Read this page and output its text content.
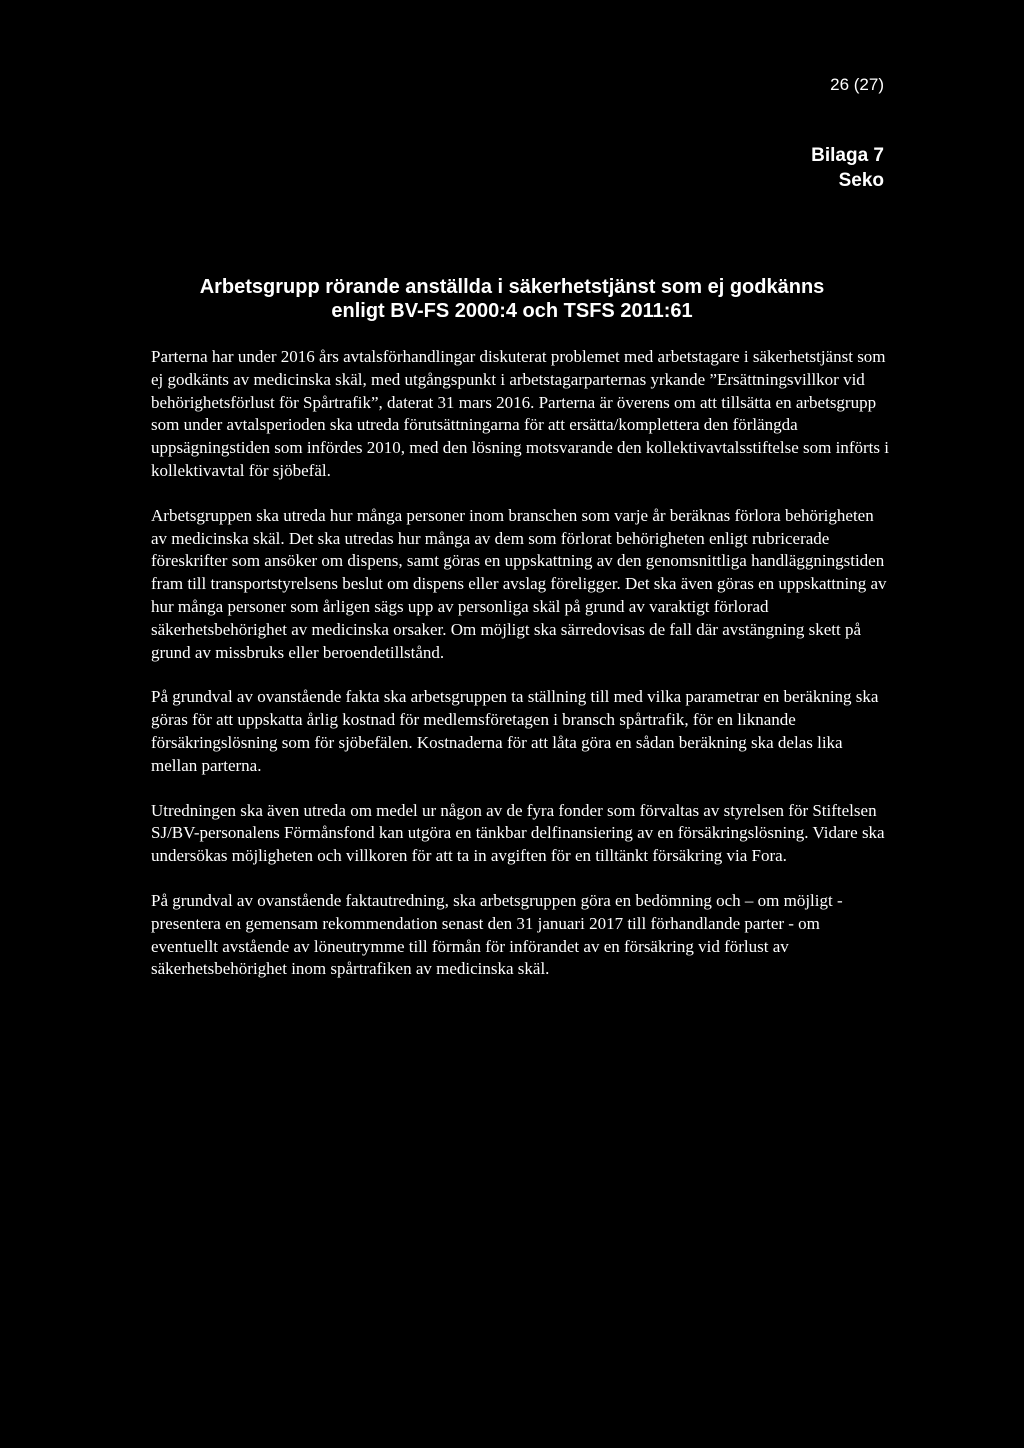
26 (27)
Bilaga 7
Seko
Arbetsgrupp rörande anställda i säkerhetstjänst som ej godkänns
enligt BV-FS 2000:4 och TSFS 2011:61

Parterna har under 2016 års avtalsförhandlingar diskuterat problemet med arbetstagare i säkerhetstjänst som ej godkänts av medicinska skäl, med utgångspunkt i arbetstagarparternas yrkande ”Ersättningsvillkor vid behörighetsförlust för Spårtrafik”, daterat 31 mars 2016. Parterna är överens om att tillsätta en arbetsgrupp som under avtalsperioden ska utreda förutsättningarna för att ersätta/komplettera den förlängda uppsägningstiden som infördes 2010, med den lösning motsvarande den kollektivavtalsstiftelse som införts i kollektivavtal för sjöbefäl.

Arbetsgruppen ska utreda hur många personer inom branschen som varje år beräknas förlora behörigheten av medicinska skäl. Det ska utredas hur många av dem som förlorat behörigheten enligt rubricerade föreskrifter som ansöker om dispens, samt göras en uppskattning av den genomsnittliga handläggningstiden fram till transportstyrelsens beslut om dispens eller avslag föreligger. Det ska även göras en uppskattning av hur många personer som årligen sägs upp av personliga skäl på grund av varaktigt förlorad säkerhetsbehörighet av medicinska orsaker. Om möjligt ska särredovisas de fall där avstängning skett på grund av missbruks eller beroendetillstånd.

På grundval av ovanstående fakta ska arbetsgruppen ta ställning till med vilka parametrar en beräkning ska göras för att uppskatta årlig kostnad för medlemsföretagen i bransch spårtrafik, för en liknande försäkringslösning som för sjöbefälen. Kostnaderna för att låta göra en sådan beräkning ska delas lika mellan parterna.

Utredningen ska även utreda om medel ur någon av de fyra fonder som förvaltas av styrelsen för Stiftelsen SJ/BV-personalens Förmånsfond kan utgöra en tänkbar delfinansiering av en försäkringslösning. Vidare ska undersökas möjligheten och villkoren för att ta in avgiften för en tilltänkt försäkring via Fora.

På grundval av ovanstående faktautredning, ska arbetsgruppen göra en bedömning och – om möjligt - presentera en gemensam rekommendation senast den 31 januari 2017 till förhandlande parter - om eventuellt avstående av löneutrymme till förmån för införandet av en försäkring vid förlust av säkerhetsbehörighet inom spårtrafiken av medicinska skäl.
